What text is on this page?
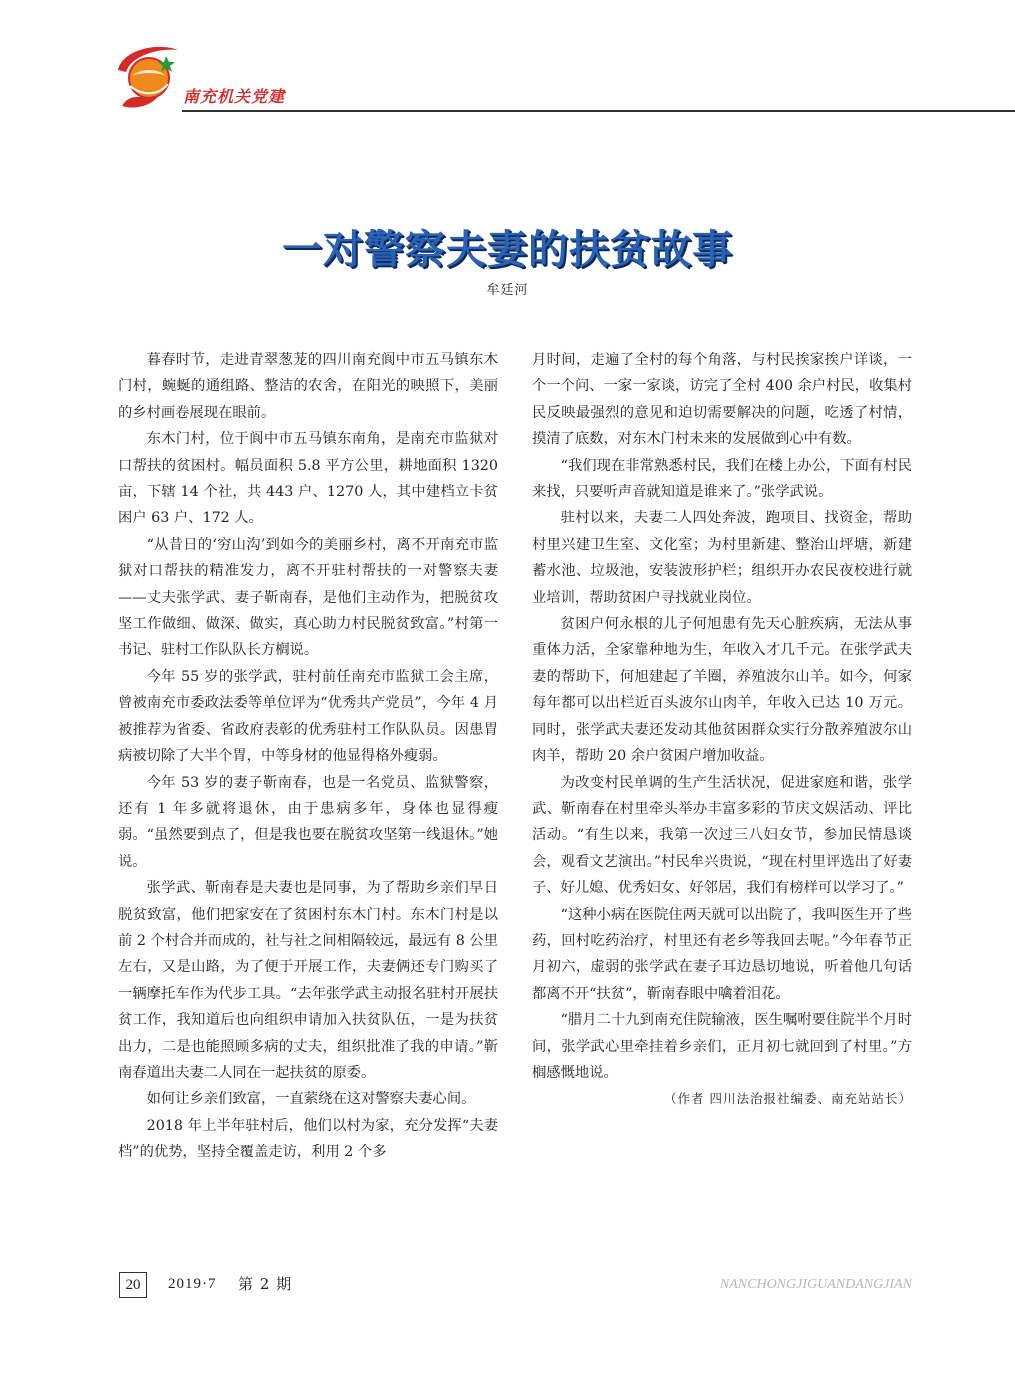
南充机关党建
一对警察夫妻的扶贫故事
牟廷河

暮春时节，走进青翠葱茏的四川南充阆中市五马镇东木门村，蜿蜒的通组路、整洁的农舍，在阳光的映照下，美丽的乡村画卷展现在眼前。

东木门村，位于阆中市五马镇东南角，是南充市监狱对口帮扶的贫困村。幅员面积 5.8 平方公里，耕地面积 1320 亩，下辖 14 个社，共 443 户、1270 人，其中建档立卡贫困户 63 户、172 人。

“从昔日的‘穷山沟’到如今的美丽乡村，离不开南充市监狱对口帮扶的精准发力，离不开驻村帮扶的一对警察夫妻——丈夫张学武、妻子靳南春，是他们主动作为，把脱贫攻坚工作做细、做深、做实，真心助力村民脱贫致富。”村第一书记、驻村工作队队长方榈说。

今年 55 岁的张学武，驻村前任南充市监狱工会主席，曾被南充市委政法委等单位评为“优秀共产党员”，今年 4 月被推荐为省委、省政府表彰的优秀驻村工作队队员。因患胃病被切除了大半个胃，中等身材的他显得格外瘦弱。

今年 53 岁的妻子靳南春，也是一名党员、监狱警察，还有 1 年多就将退休，由于患病多年，身体也显得瘦弱。“虽然要到点了，但是我也要在脱贫攻坚第一线退休。”她说。

张学武、靳南春是夫妻也是同事，为了帮助乡亲们早日脱贫致富，他们把家安在了贫困村东木门村。东木门村是以前 2 个村合并而成的，社与社之间相隔较远，最远有 8 公里左右，又是山路，为了便于开展工作，夫妻俩还专门购买了一辆摩托车作为代步工具。“去年张学武主动报名驻村开展扶贫工作，我知道后也向组织申请加入扶贫队伍，一是为扶贫出力，二是也能照顾多病的丈夫，组织批准了我的申请。”靳南春道出夫妻二人同在一起扶贫的原委。

如何让乡亲们致富，一直萦绕在这对警察夫妻心间。

2018 年上半年驻村后，他们以村为家，充分发挥“夫妻档”的优势，坚持全覆盖走访，利用 2 个多

月时间，走遍了全村的每个角落，与村民挨家挨户详谈，一个一个问、一家一家谈，访完了全村 400 余户村民，收集村民反映最强烈的意见和迫切需要解决的问题，吃透了村情，摸清了底数，对东木门村未来的发展做到心中有数。

“我们现在非常熟悉村民，我们在楼上办公，下面有村民来找，只要听声音就知道是谁来了。”张学武说。

驻村以来，夫妻二人四处奔波，跑项目、找资金，帮助村里兴建卫生室、文化室；为村里新建、整治山坪塘，新建蓄水池、垃圾池，安装波形护栏；组织开办农民夜校进行就业培训，帮助贫困户寻找就业岗位。

贫困户何永根的儿子何旭患有先天心脏疾病，无法从事重体力活，全家靠种地为生，年收入才几千元。在张学武夫妻的帮助下，何旭建起了羊圈，养殖波尔山羊。如今，何家每年都可以出栏近百头波尔山肉羊，年收入已达 10 万元。同时，张学武夫妻还发动其他贫困群众实行分散养殖波尔山肉羊，帮助 20 余户贫困户增加收益。

为改变村民单调的生产生活状况，促进家庭和谐，张学武、靳南春在村里牵头举办丰富多彩的节庆文娱活动、评比活动。“有生以来，我第一次过三八妇女节，参加民情恳谈会，观看文艺演出。”村民牟兴贵说，“现在村里评选出了好妻子、好儿媳、优秀妇女、好邻居，我们有榜样可以学习了。”

“这种小病在医院住两天就可以出院了，我叫医生开了些药，回村吃药治疗，村里还有老乡等我回去呢。”今年春节正月初六，虚弱的张学武在妻子耳边恳切地说，听着他几句话都离不开“扶贫”，靳南春眼中噙着泪花。

“腊月二十九到南充住院输液，医生嘱咐要住院半个月时间，张学武心里牵挂着乡亲们，正月初七就回到了村里。”方榈感慨地说。

（作者 四川法治报社编委、南充站站长）

20	2019·7 第 2 期	NANCHONGJIGUANDANGJIAN
